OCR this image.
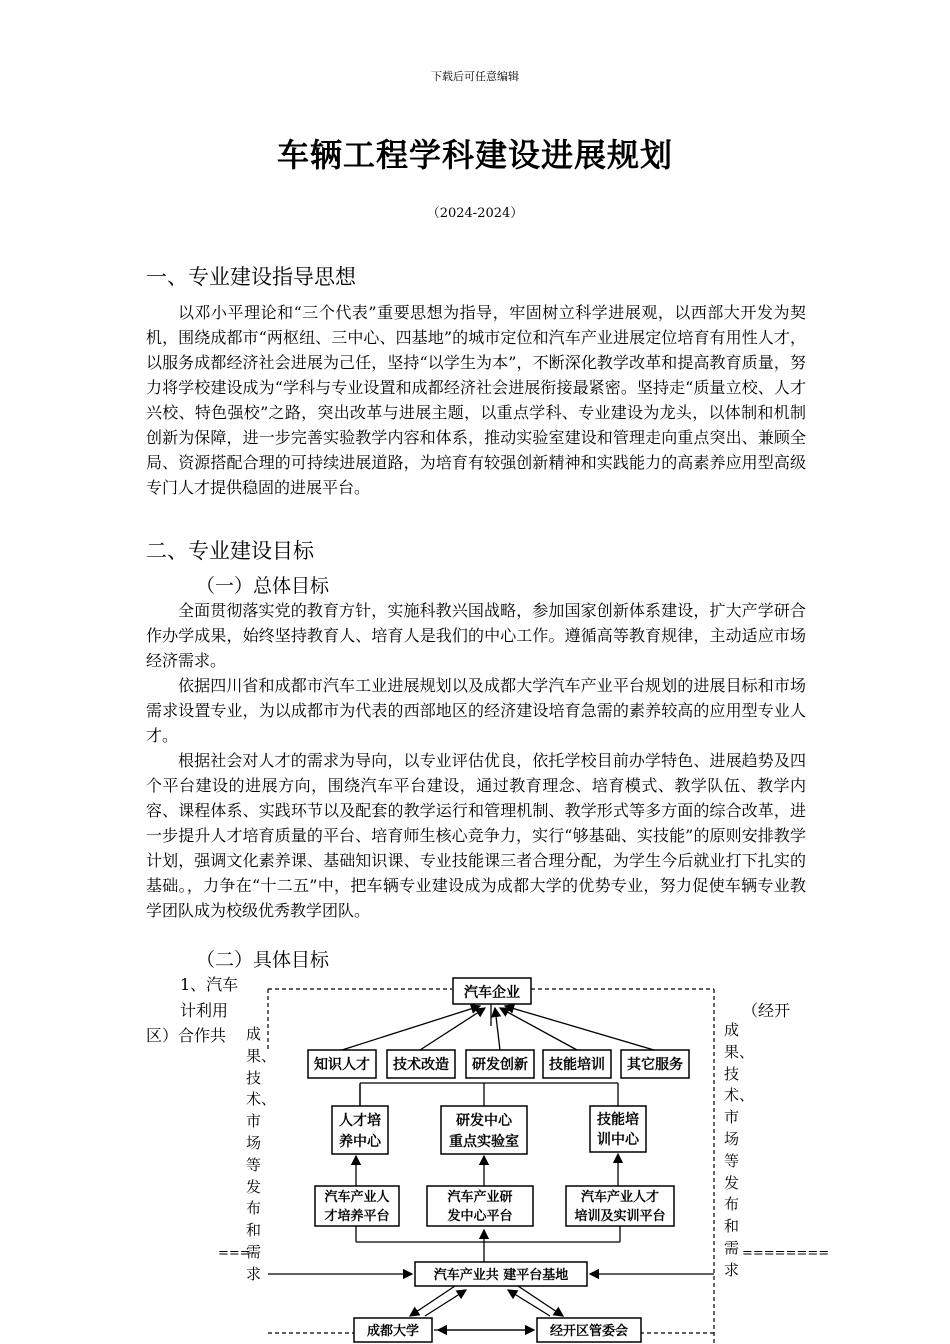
下载后可任意编辑
车辆工程学科建设进展规划
（2024-2024）
一、专业建设指导思想

以邓小平理论和“三个代表”重要思想为指导，牢固树立科学进展观，以西部大开发为契机，围绕成都市“两枢纽、三中心、四基地”的城市定位和汽车产业进展定位培育有用性人才，以服务成都经济社会进展为己任，坚持“以学生为本”，不断深化教学改革和提高教育质量，努力将学校建设成为“学科与专业设置和成都经济社会进展衔接最紧密。坚持走“质量立校、人才兴校、特色强校”之路，突出改革与进展主题，以重点学科、专业建设为龙头，以体制和机制创新为保障，进一步完善实验教学内容和体系，推动实验室建设和管理走向重点突出、兼顾全局、资源搭配合理的可持续进展道路，为培育有较强创新精神和实践能力的高素养应用型高级专门人才提供稳固的进展平台。

二、专业建设目标
（一）总体目标

全面贯彻落实党的教育方针，实施科教兴国战略，参加国家创新体系建设，扩大产学研合作办学成果，始终坚持教育人、培育人是我们的中心工作。遵循高等教育规律，主动适应市场经济需求。

依据四川省和成都市汽车工业进展规划以及成都大学汽车产业平台规划的进展目标和市场需求设置专业，为以成都市为代表的西部地区的经济建设培育急需的素养较高的应用型专业人才。

根据社会对人才的需求为导向，以专业评估优良，依托学校目前办学特色、进展趋势及四个平台建设的进展方向，围绕汽车平台建设，通过教育理念、培育模式、教学队伍、教学内容、课程体系、实践环节以及配套的教学运行和管理机制、教学形式等多方面的综合改革，进一步提升人才培育质量的平台、培育师生核心竞争力，实行“够基础、实技能”的原则安排教学计划，强调文化素养课、基础知识课、专业技能课三者合理分配，为学生今后就业打下扎实的基础。，力争在“十二五”中，把车辆专业建设成为成都大学的优势专业，努力促使车辆专业教学团队成为校级优秀教学团队。

（二）具体目标
1、汽车
计利用	（经开
区）合作共
汽车企业
知识人才 技术改造 研发创新 技能培训 其它服务
人才培
养中心
研发中心
重点实验室
技能培
训中心
汽车产业人
才培养平台
汽车产业研
发中心平台
汽车产业人才
培训及实训平台
汽车产业共 建平台基地
成都大学	经开区管委会
成果、技术、市场等发布和需求
成果、技术、市场等发布和需求
===	========
